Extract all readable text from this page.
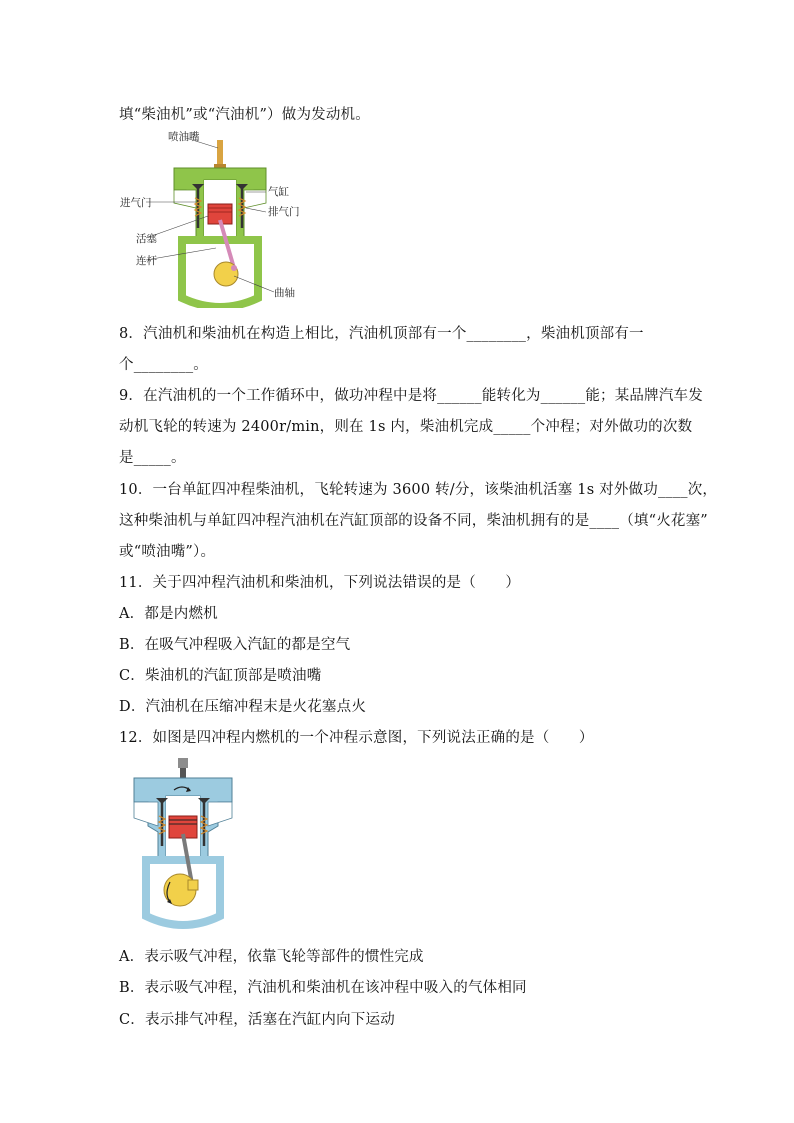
填“柴油机”或“汽油机”）做为发动机。
喷油嘴
气缸
进气门
排气门
活塞
连杆
曲轴
8．汽油机和柴油机在构造上相比，汽油机顶部有一个________，柴油机顶部有一
个________。
9．在汽油机的一个工作循环中，做功冲程中是将______能转化为______能；某品牌汽车发
动机飞轮的转速为 2400r/min，则在 1s 内，柴油机完成_____个冲程；对外做功的次数
是_____。
10．一台单缸四冲程柴油机，飞轮转速为 3600 转/分，该柴油机活塞 1s 对外做功____次，
这种柴油机与单缸四冲程汽油机在汽缸顶部的设备不同，柴油机拥有的是____（填“火花塞”
或“喷油嘴”）。
11．关于四冲程汽油机和柴油机，下列说法错误的是（　　）
A．都是内燃机
B．在吸气冲程吸入汽缸的都是空气
C．柴油机的汽缸顶部是喷油嘴
D．汽油机在压缩冲程末是火花塞点火
12．如图是四冲程内燃机的一个冲程示意图，下列说法正确的是（　　）
A．表示吸气冲程，依靠飞轮等部件的惯性完成
B．表示吸气冲程，汽油机和柴油机在该冲程中吸入的气体相同
C．表示排气冲程，活塞在汽缸内向下运动
